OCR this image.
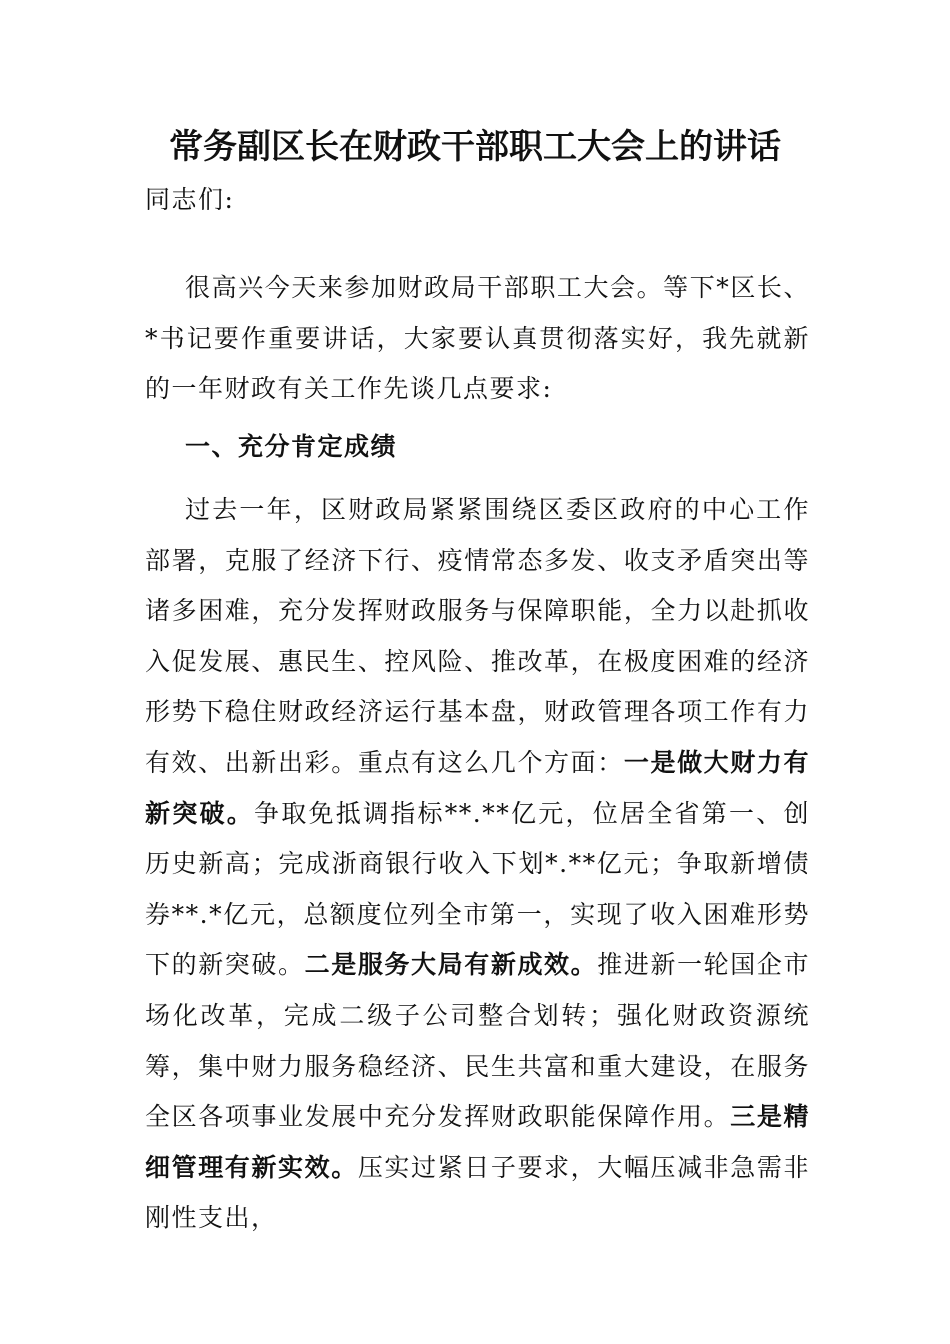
常务副区长在财政干部职工大会上的讲话

同志们:

很高兴今天来参加财政局干部职工大会。等下*区长、*书记要作重要讲话，大家要认真贯彻落实好，我先就新的一年财政有关工作先谈几点要求:

一、充分肯定成绩

过去一年，区财政局紧紧围绕区委区政府的中心工作部署，克服了经济下行、疫情常态多发、收支矛盾突出等诸多困难，充分发挥财政服务与保障职能，全力以赴抓收入促发展、惠民生、控风险、推改革，在极度困难的经济形势下稳住财政经济运行基本盘，财政管理各项工作有力有效、出新出彩。重点有这么几个方面：一是做大财力有新突破。争取免抵调指标**.**亿元，位居全省第一、创历史新高；完成浙商银行收入下划*.**亿元；争取新增债券**.*亿元，总额度位列全市第一，实现了收入困难形势下的新突破。二是服务大局有新成效。推进新一轮国企市场化改革，完成二级子公司整合划转；强化财政资源统筹，集中财力服务稳经济、民生共富和重大建设，在服务全区各项事业发展中充分发挥财政职能保障作用。三是精细管理有新实效。压实过紧日子要求，大幅压减非急需非刚性支出，
